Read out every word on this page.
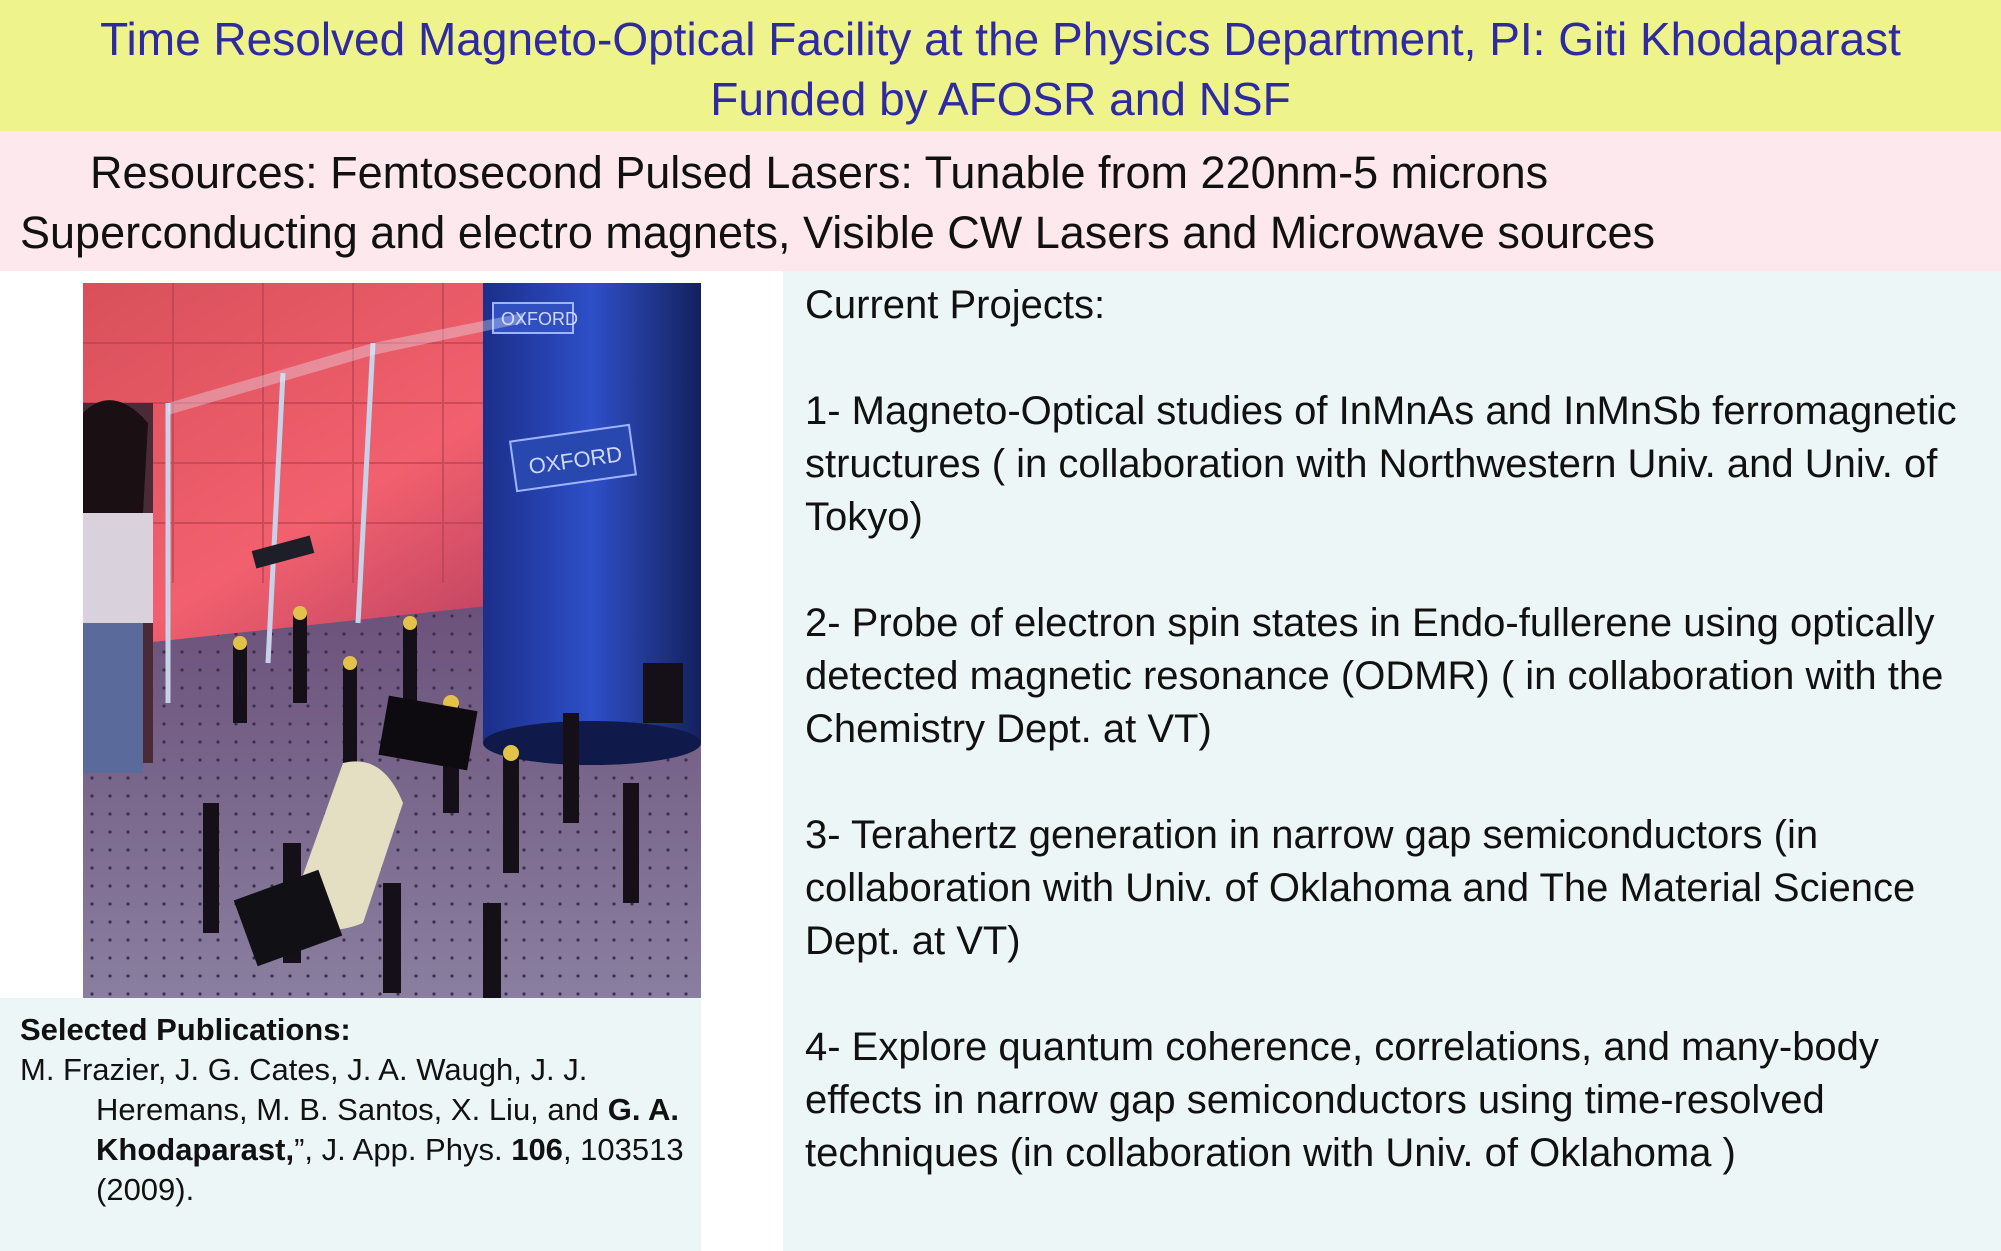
Time Resolved Magneto-Optical Facility at the Physics Department, PI: Giti Khodaparast
Funded by AFOSR and NSF
Resources: Femtosecond Pulsed Lasers: Tunable from 220nm-5 microns
Superconducting and electro magnets, Visible CW Lasers and Microwave sources
OXFORD
OXFORD
Selected Publications:
M. Frazier, J. G. Cates, J. A. Waugh, J. J. Heremans, M. B. Santos, X. Liu, and G. A. Khodaparast,”, J. App. Phys. 106, 103513 (2009).
Current Projects:
1- Magneto-Optical studies of InMnAs and InMnSb ferromagnetic structures ( in collaboration with Northwestern Univ. and Univ. of Tokyo)
2- Probe of electron spin states in Endo-fullerene using optically detected magnetic resonance (ODMR) ( in collaboration with the Chemistry Dept. at VT)
3- Terahertz generation in narrow gap semiconductors (in collaboration with Univ. of Oklahoma and The Material Science Dept. at VT)
4- Explore quantum coherence, correlations, and many-body effects in narrow gap semiconductors using time-resolved techniques (in collaboration with Univ. of Oklahoma )
